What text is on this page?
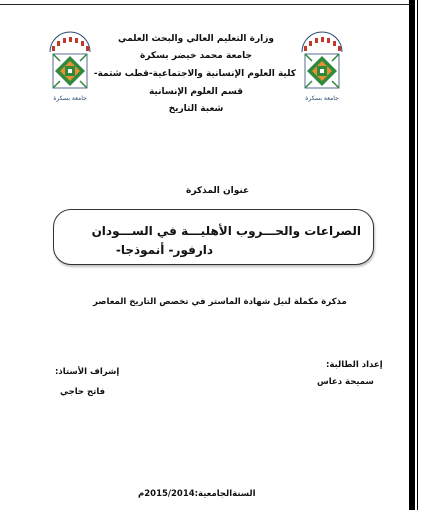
جامعة بسكرة	جامعة بسكرة
وزارة التعليم العالي والبحث العلمي
جامعة محمد خيضر بسكرة
كلية العلوم الإنسانية والاجتماعية-قطب شتمة-
قسم العلوم الإنسانية
شعبة التاريخ
عنوان المذكرة
الصراعات والحـــروب الأهليـــة في الســـودان
دارفور- أنموذجا-
مذكرة مكملة لنيل شهادة الماستر في تخصص التاريخ المعاصر
إعداد الطالبة:
سميحة دعاس
إشراف الأستاذ:
فاتح حاجي
السنةالجامعية:2015/2014م
